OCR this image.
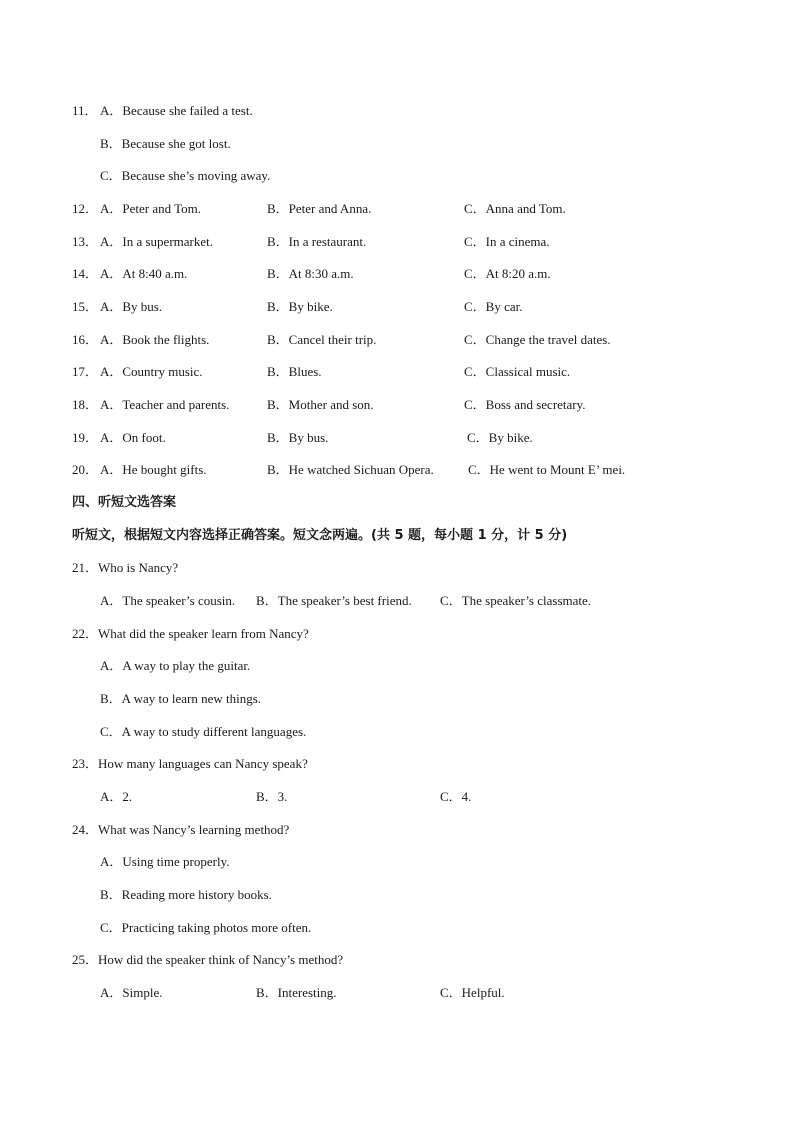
11． A．Because she failed a test.
B．Because she got lost.
C．Because she’s moving away.
12． A．Peter and Tom.	B．Peter and Anna.	C．Anna and Tom.
13． A．In a supermarket.	B．In a restaurant.	C．In a cinema.
14． A．At 8:40 a.m.	B．At 8:30 a.m.	C．At 8:20 a.m.
15． A．By bus.	B．By bike.	C．By car.
16． A．Book the flights.	B．Cancel their trip.	C．Change the travel dates.
17． A．Country music.	B．Blues.	C．Classical music.
18． A．Teacher and parents.	B．Mother and son.	C．Boss and secretary.
19． A．On foot.	B．By bus.	C．By bike.
20． A．He bought gifts.	B．He watched Sichuan Opera.	C．He went to Mount E’ mei.
四、听短文选答案
听短文，根据短文内容选择正确答案。短文念两遍。(共 5 题，每小题 1 分，计 5 分)
21．Who is Nancy?
A．The speaker’s cousin. B．The speaker’s best friend. C．The speaker’s classmate.
22．What did the speaker learn from Nancy?
A．A way to play the guitar.
B．A way to learn new things.
C．A way to study different languages.
23．How many languages can Nancy speak?
A．2.	B．3.	C．4.
24．What was Nancy’s learning method?
A．Using time properly.
B．Reading more history books.
C．Practicing taking photos more often.
25．How did the speaker think of Nancy’s method?
A．Simple.	B．Interesting.	C．Helpful.
